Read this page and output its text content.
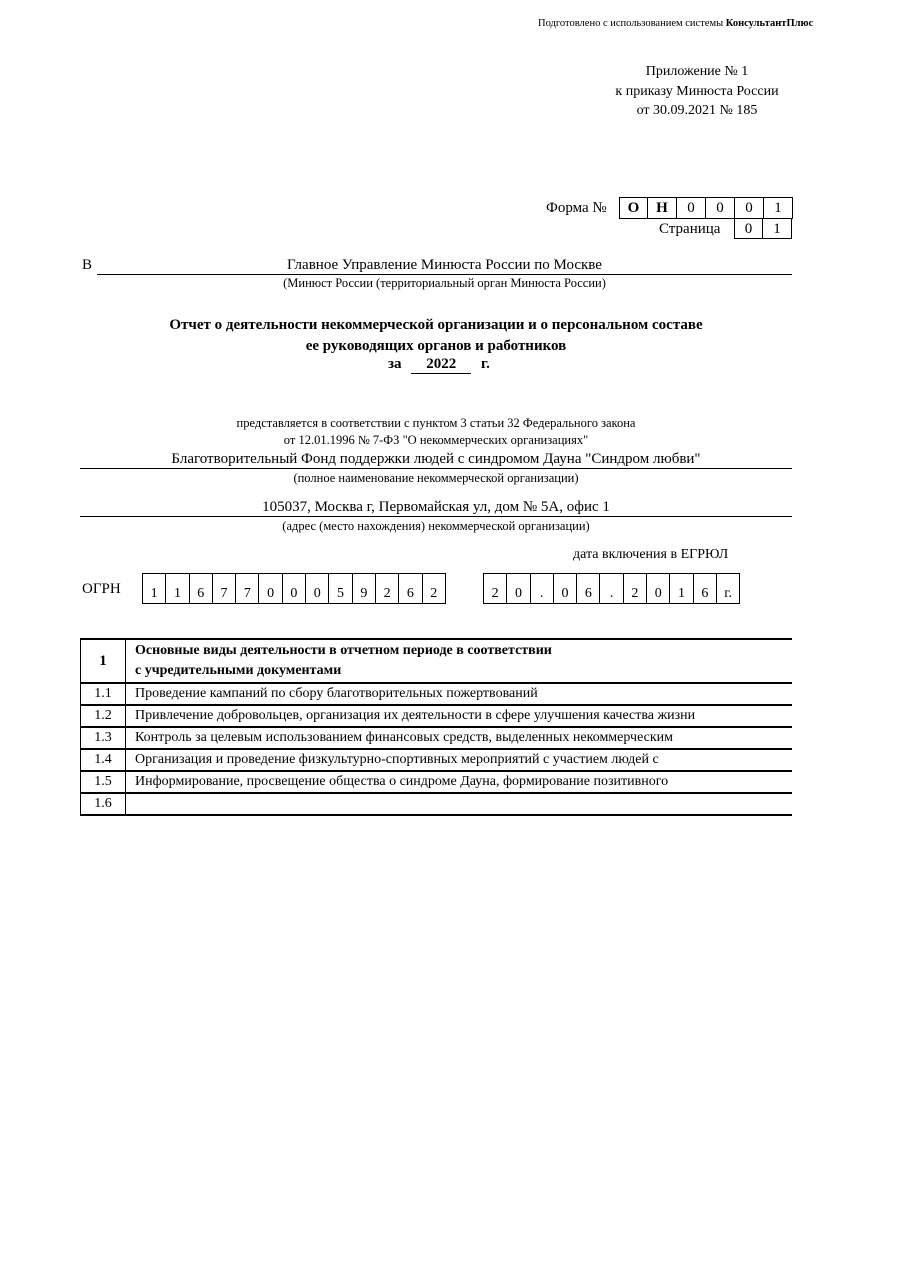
Подготовлено с использованием системы КонсультантПлюс
Приложение № 1
к приказу Минюста России
от 30.09.2021 № 185
Форма №	О	Н	0	0	0	1
Страница	0	1
В	Главное Управление Минюста России по Москве
(Минюст России (территориальный орган Минюста России)
Отчет о деятельности некоммерческой организации и о персональном составе
ее руководящих органов и работников
за 2022 г.
представляется в соответствии с пунктом 3 статьи 32 Федерального закона
от 12.01.1996 № 7-ФЗ "О некоммерческих организациях"
Благотворительный Фонд поддержки людей с синдромом Дауна "Синдром любви"
(полное наименование некоммерческой организации)
105037, Москва г, Первомайская ул, дом № 5А, офис 1
(адрес (место нахождения) некоммерческой организации)
дата включения в ЕГРЮЛ
ОГРН	1	1	6	7	7	0	0	0	5	9	2	6	2	2	0	.	0	6	.	2	0	1	6	г.
1	Основные виды деятельности в отчетном периоде в соответствии
с учредительными документами

1.1	Проведение кампаний по сбору благотворительных пожертвований
1.2	Привлечение добровольцев, организация их деятельности в сфере улучшения качества жизни
1.3	Контроль за целевым использованием финансовых средств, выделенных некоммерческим
1.4	Организация и проведение физкультурно-спортивных мероприятий с участием людей с
1.5	Информирование, просвещение общества о синдроме Дауна, формирование позитивного
1.6	
